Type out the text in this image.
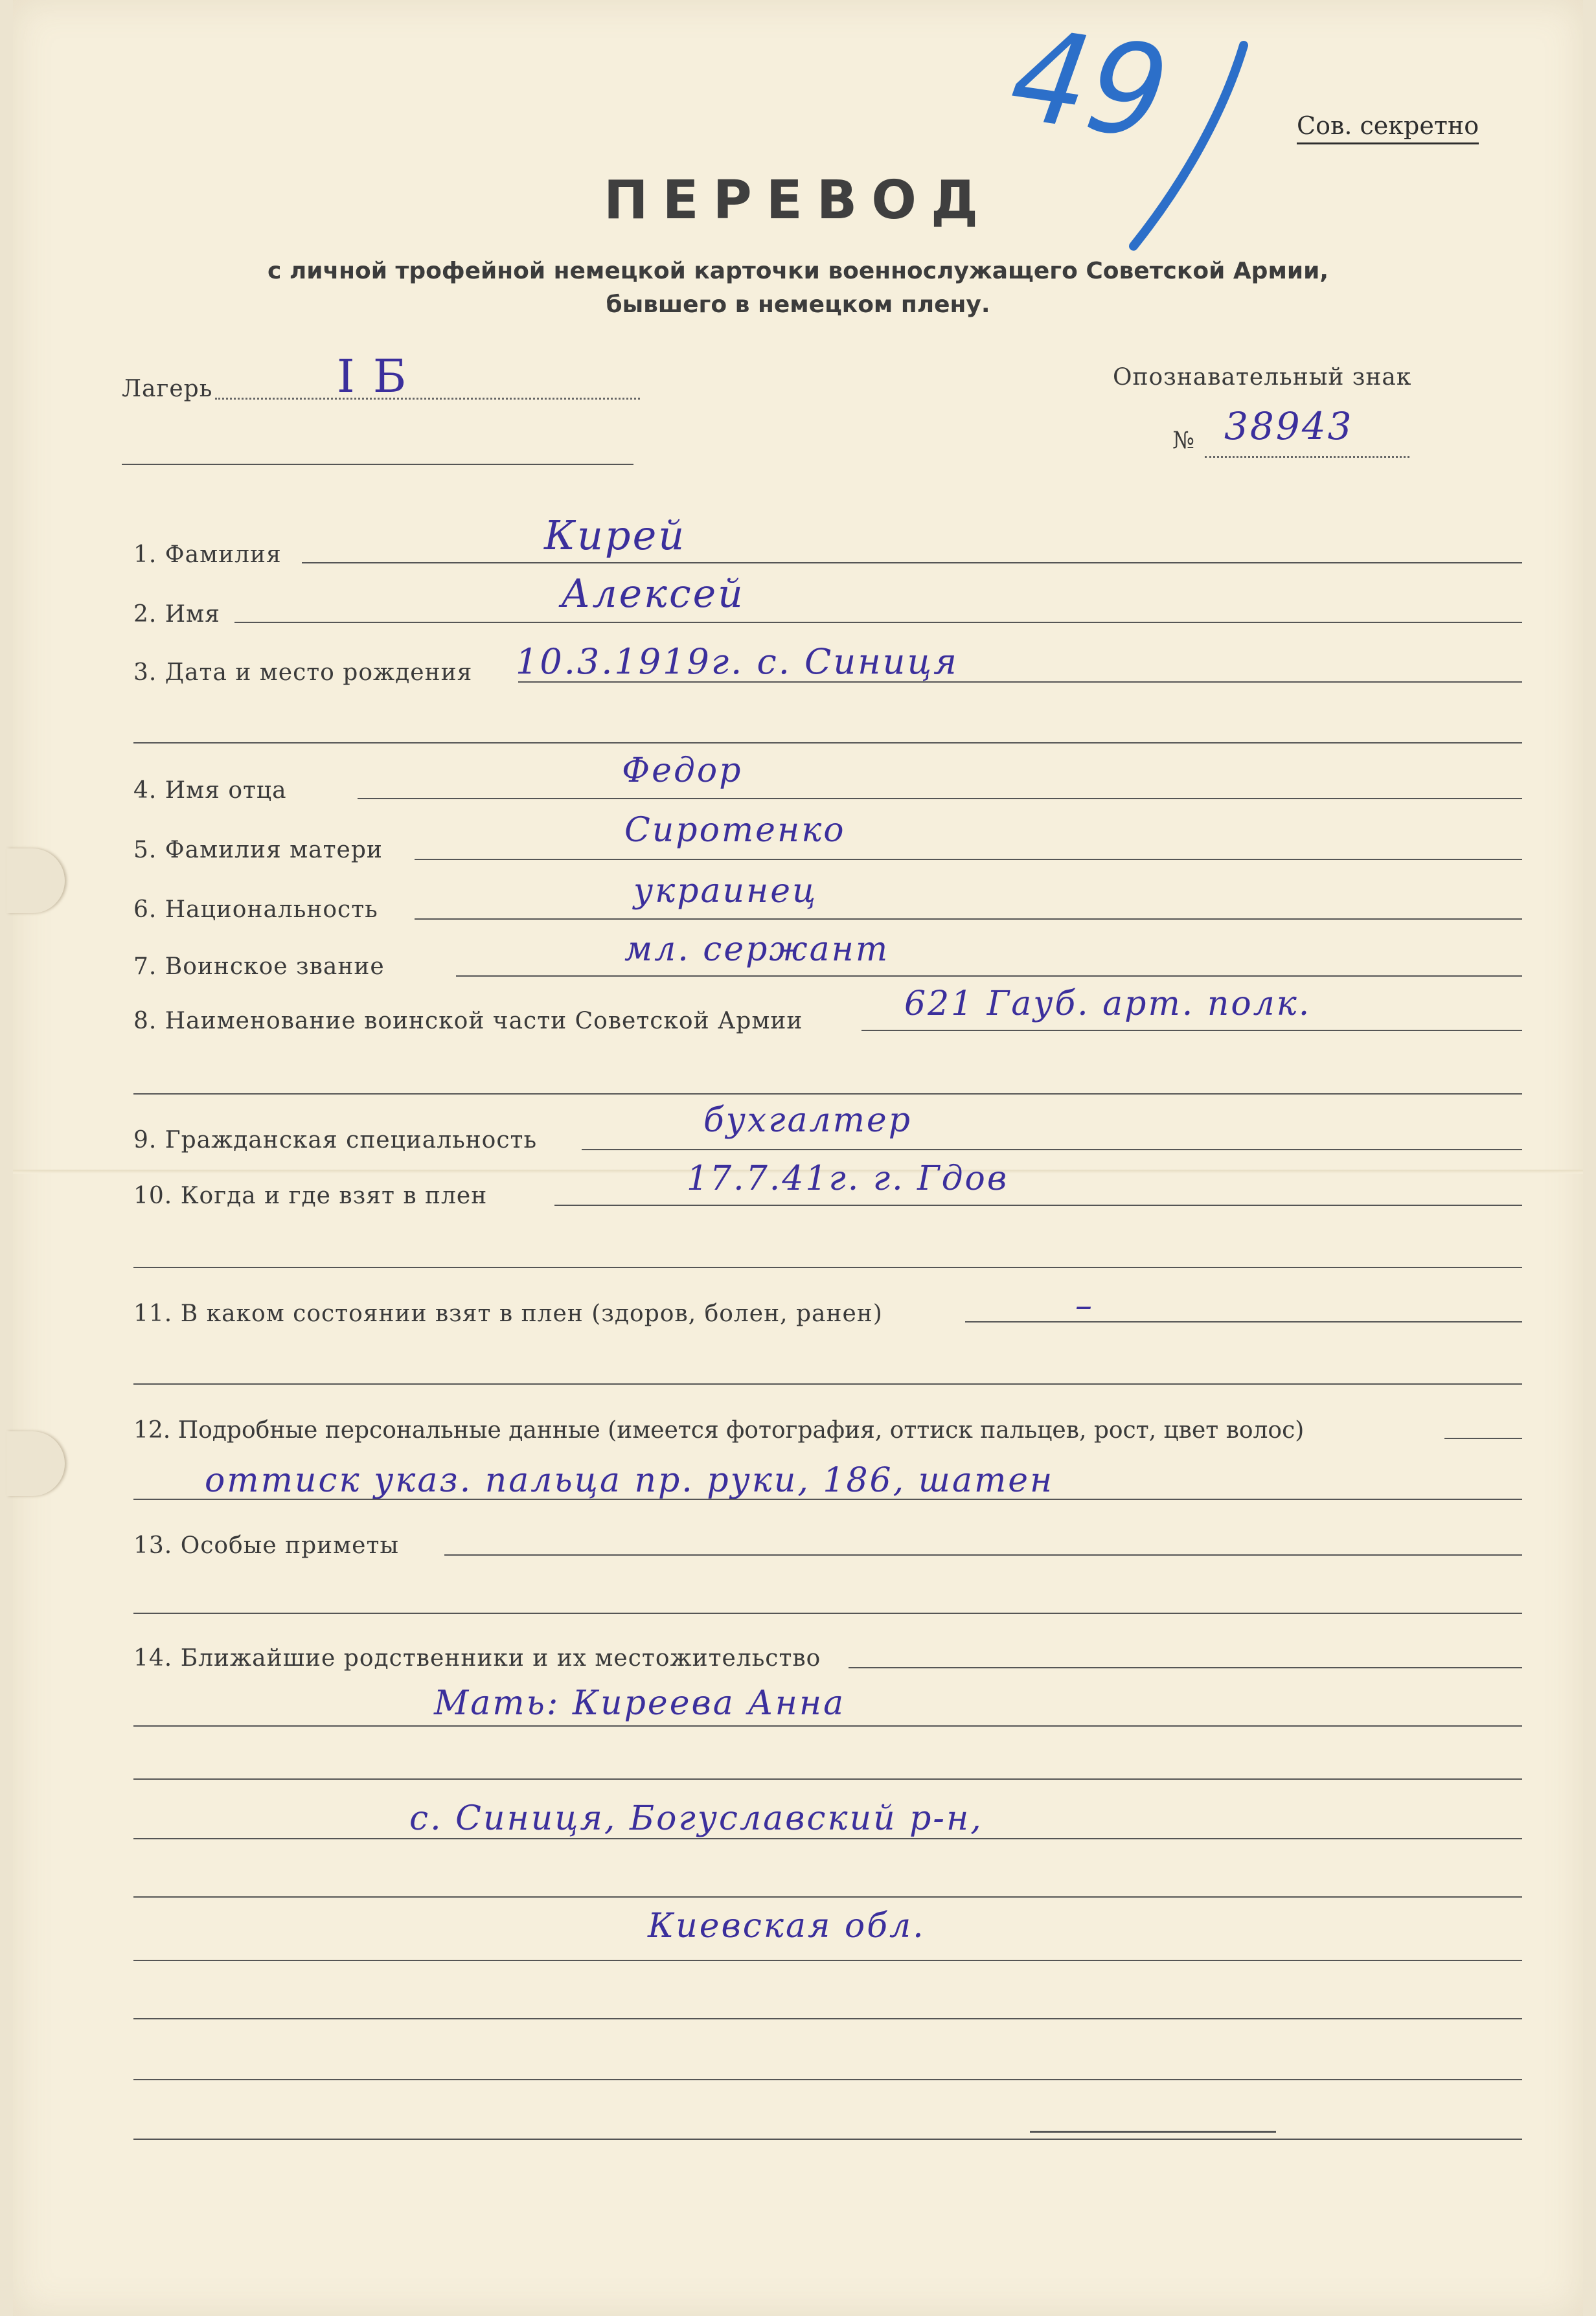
49	Сов. секретно
ПЕРЕВОД
с личной трофейной немецкой карточки военнослужащего Советской Армии,
бывшего в немецком плену.
Лагерь	I Б	Опознавательный знак
№ 38943
1. Фамилия	Кирей
2. Имя	Алексей
3. Дата и место рождения 10.3.1919г. с. Синиця
4. Имя отца
Федор
5. Фамилия матери
Сиротенко
6. Национальность	украинец
7. Воинское звание	мл. сержант
8. Наименование воинской части Советской Армии	621 Гауб. арт. полк.
9. Гражданская специальность
бухгалтер
10. Когда и где взят в плен	17.7.41г. г. Гдов
11. В каком состоянии взят в плен (здоров, болен, ранен)	–
12. Подробные персональные данные (имеется фотография, оттиск пальцев, рост, цвет волос)
оттиск указ. пальца пр. руки, 186, шатен
13. Особые приметы
14. Ближайшие родственники и их местожительство
Мать: Киреева Анна
с. Синиця, Богуславский р-н,
Киевская обл.
